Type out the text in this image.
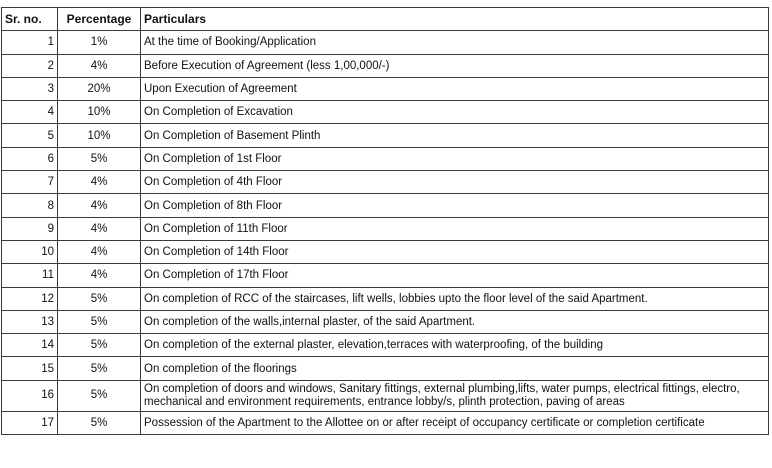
Sr. no.	Percentage	Particulars
1	1%	At the time of Booking/Application
2	4%	Before Execution of Agreement (less 1,00,000/-)
3	20%	Upon Execution of Agreement
4	10%	On Completion of Excavation
5	10%	On Completion of Basement Plinth
6	5%	On Completion of 1st Floor
7	4%	On Completion of 4th Floor
8	4%	On Completion of 8th Floor
9	4%	On Completion of 11th Floor
10	4%	On Completion of 14th Floor
11	4%	On Completion of 17th Floor
12	5%	On completion of RCC of the staircases, lift wells, lobbies upto the floor level of the said Apartment.
13	5%	On completion of the walls,internal plaster, of the said Apartment.
14	5%	On completion of the external plaster, elevation,terraces with waterproofing, of the building
15	5%	On completion of the floorings
16	5%	On completion of doors and windows, Sanitary fittings, external plumbing,lifts, water pumps, electrical fittings, electro, mechanical and environment requirements, entrance lobby/s, plinth protection, paving of areas
17	5%	Possession of the Apartment to the Allottee on or after receipt of occupancy certificate or completion certificate
